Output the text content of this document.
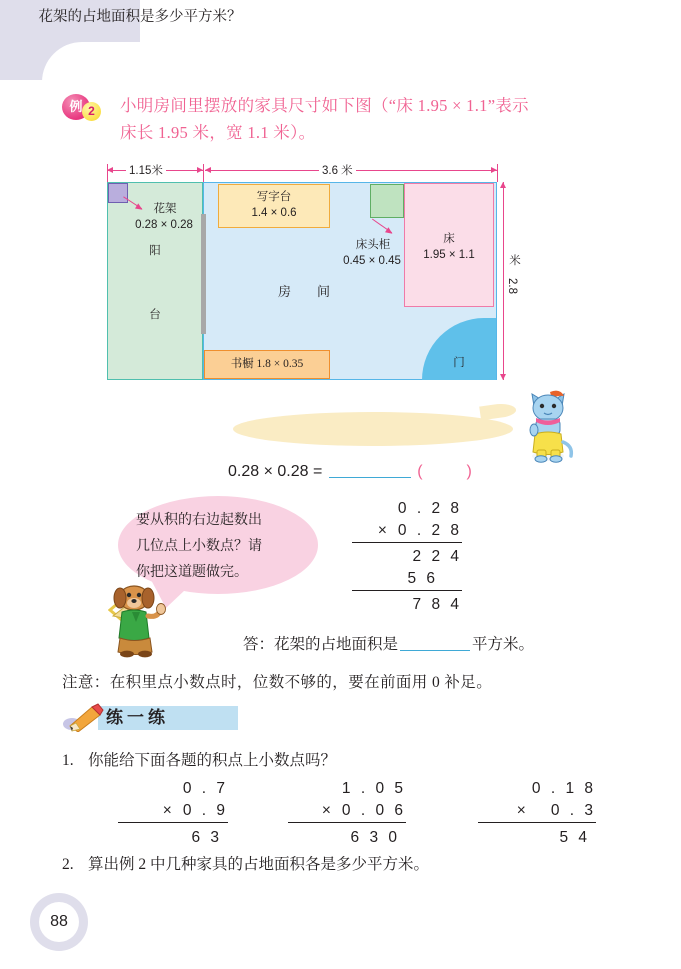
例 2	小明房间里摆放的家具尺寸如下图（“床 1.95 × 1.1”表示
床长 1.95 米，宽 1.1 米）。
1.15米	3.6 米
米
2.8
花架
0.28 × 0.28
阳
台
写字台
1.4 × 0.6
床头柜
0.45 × 0.45
床
1.95 × 1.1
房　　间
书橱 1.8 × 0.35	门
花架的占地面积是多少平方米？
0.28 × 0.28 =	(	)
要从积的右边起数出
几位点上小数点？请
你把这道题做完。
0 . 2 8
× 0 . 2 8
2 2 4
5 6
7 8 4
答：花架的占地面积是	平方米。
注意：在积里点小数点时，位数不够的，要在前面用 0 补足。
练一练
1. 你能给下面各题的积点上小数点吗？
0 . 7
× 0 . 9
6 3
1 . 0 5
× 0 . 0 6
6 3 0
0 . 1 8
× 0 . 3
5 4
2. 算出例 2 中几种家具的占地面积各是多少平方米。
88
